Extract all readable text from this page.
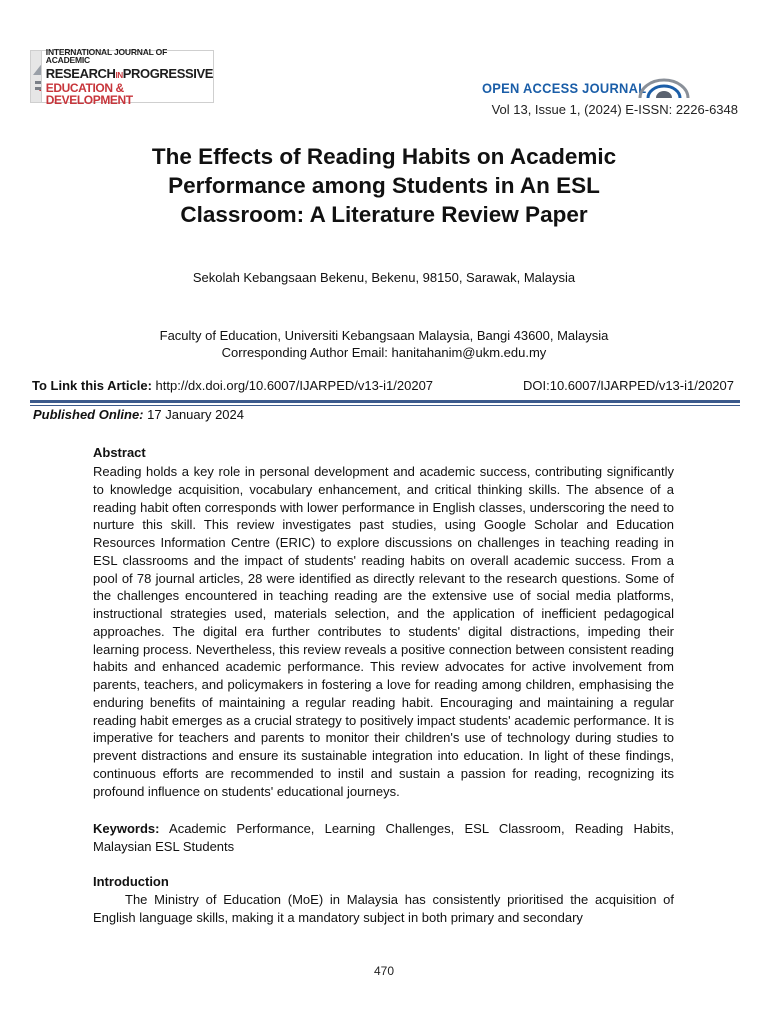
INTERNATIONAL JOURNAL OF ACADEMIC
RESEARCHINPROGRESSIVE
EDUCATION & DEVELOPMENT
OPEN ACCESS JOURNAL
Vol 13, Issue 1, (2024) E-ISSN: 2226-6348
The Effects of Reading Habits on Academic
Performance among Students in An ESL
Classroom: A Literature Review Paper
Sekolah Kebangsaan Bekenu, Bekenu, 98150, Sarawak, Malaysia
Faculty of Education, Universiti Kebangsaan Malaysia, Bangi 43600, Malaysia
Corresponding Author Email: hanitahanim@ukm.edu.my
To Link this Article: http://dx.doi.org/10.6007/IJARPED/v13-i1/20207	DOI:10.6007/IJARPED/v13-i1/20207
Published Online: 17 January 2024
Abstract

Reading holds a key role in personal development and academic success, contributing significantly to knowledge acquisition, vocabulary enhancement, and critical thinking skills. The absence of a reading habit often corresponds with lower performance in English classes, underscoring the need to nurture this skill. This review investigates past studies, using Google Scholar and Education Resources Information Centre (ERIC) to explore discussions on challenges in teaching reading in ESL classrooms and the impact of students' reading habits on overall academic success. From a pool of 78 journal articles, 28 were identified as directly relevant to the research questions. Some of the challenges encountered in teaching reading are the extensive use of social media platforms, instructional strategies used, materials selection, and the application of inefficient pedagogical approaches. The digital era further contributes to students' digital distractions, impeding their learning process. Nevertheless, this review reveals a positive connection between consistent reading habits and enhanced academic performance. This review advocates for active involvement from parents, teachers, and policymakers in fostering a love for reading among children, emphasising the enduring benefits of maintaining a regular reading habit. Encouraging and maintaining a regular reading habit emerges as a crucial strategy to positively impact students' academic performance. It is imperative for teachers and parents to monitor their children's use of technology during studies to prevent distractions and ensure its sustainable integration into education. In light of these findings, continuous efforts are recommended to instil and sustain a passion for reading, recognizing its profound influence on students' educational journeys.

Keywords: Academic Performance, Learning Challenges, ESL Classroom, Reading Habits, Malaysian ESL Students
Introduction

The Ministry of Education (MoE) in Malaysia has consistently prioritised the acquisition of English language skills, making it a mandatory subject in both primary and secondary

470
